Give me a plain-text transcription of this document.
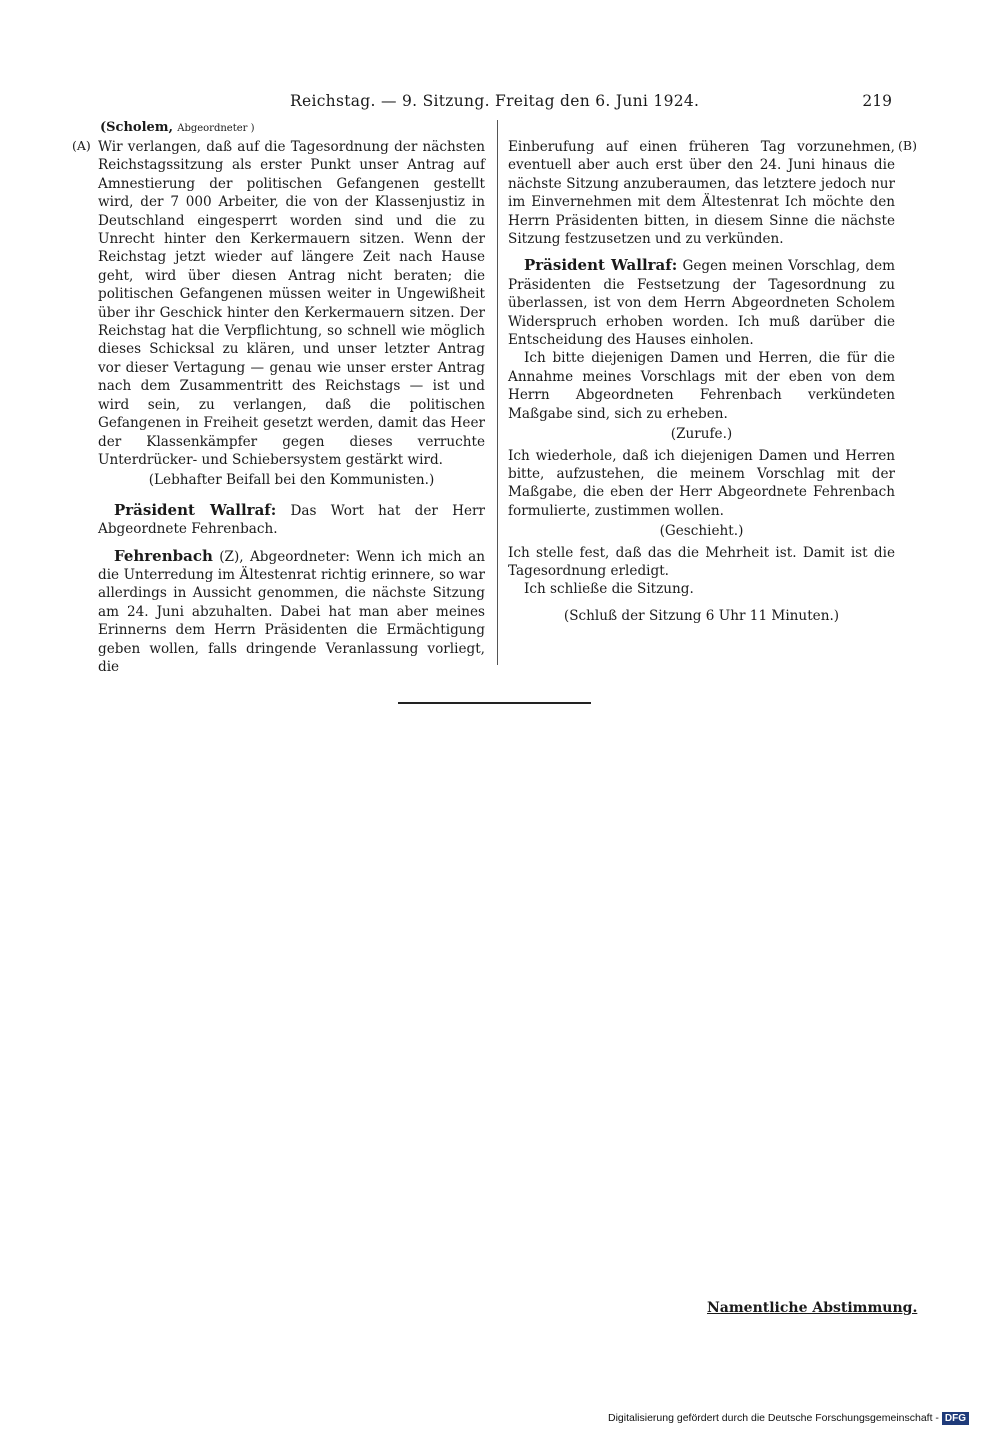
Reichstag. — 9. Sitzung. Freitag den 6. Juni 1924.	219
(Scholem, Abgeordneter )
(A)	(B)

Wir verlangen, daß auf die Tagesordnung der nächsten Reichstagssitzung als erster Punkt unser Antrag auf Amnestierung der politischen Gefangenen gestellt wird, der 7 000 Arbeiter, die von der Klassenjustiz in Deutschland eingesperrt worden sind und die zu Unrecht hinter den Kerkermauern sitzen. Wenn der Reichstag jetzt wieder auf längere Zeit nach Hause geht, wird über diesen Antrag nicht beraten; die politischen Gefangenen müssen weiter in Ungewißheit über ihr Geschick hinter den Kerkermauern sitzen. Der Reichstag hat die Verpflichtung, so schnell wie möglich dieses Schicksal zu klären, und unser letzter Antrag vor dieser Vertagung — genau wie unser erster Antrag nach dem Zusammentritt des Reichstags — ist und wird sein, zu verlangen, daß die politischen Gefangenen in Freiheit gesetzt werden, damit das Heer der Klassenkämpfer gegen dieses verruchte Unterdrücker- und Schiebersystem gestärkt wird.

(Lebhafter Beifall bei den Kommunisten.)

Präsident Wallraf: Das Wort hat der Herr Abgeordnete Fehrenbach.

Fehrenbach (Z), Abgeordneter: Wenn ich mich an die Unterredung im Ältestenrat richtig erinnere, so war allerdings in Aussicht genommen, die nächste Sitzung am 24. Juni abzuhalten. Dabei hat man aber meines Erinnerns dem Herrn Präsidenten die Ermächtigung geben wollen, falls dringende Veranlassung vorliegt, die

Einberufung auf einen früheren Tag vorzunehmen, eventuell aber auch erst über den 24. Juni hinaus die nächste Sitzung anzuberaumen, das letztere jedoch nur im Einvernehmen mit dem Ältestenrat Ich möchte den Herrn Präsidenten bitten, in diesem Sinne die nächste Sitzung festzusetzen und zu verkünden.

Präsident Wallraf: Gegen meinen Vorschlag, dem Präsidenten die Festsetzung der Tagesordnung zu überlassen, ist von dem Herrn Abgeordneten Scholem Widerspruch erhoben worden. Ich muß darüber die Entscheidung des Hauses einholen.

Ich bitte diejenigen Damen und Herren, die für die Annahme meines Vorschlags mit der eben von dem Herrn Abgeordneten Fehrenbach verkündeten Maßgabe sind, sich zu erheben.

(Zurufe.)

Ich wiederhole, daß ich diejenigen Damen und Herren bitte, aufzustehen, die meinem Vorschlag mit der Maßgabe, die eben der Herr Abgeordnete Fehrenbach formulierte, zustimmen wollen.

(Geschieht.)

Ich stelle fest, daß das die Mehrheit ist. Damit ist die Tagesordnung erledigt.

Ich schließe die Sitzung.

(Schluß der Sitzung 6 Uhr 11 Minuten.)

Namentliche Abstimmung.
Digitalisierung gefördert durch die Deutsche Forschungsgemeinschaft - DFG
